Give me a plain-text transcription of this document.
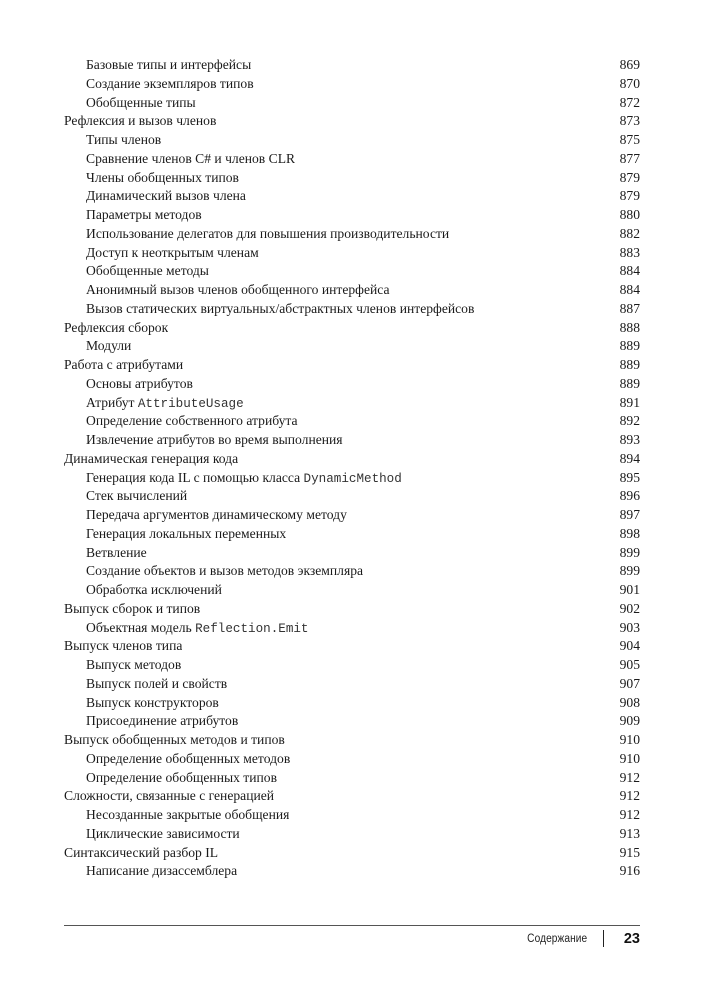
Базовые типы и интерфейсы	869
Создание экземпляров типов	870
Обобщенные типы	872
Рефлексия и вызов членов	873
Типы членов	875
Сравнение членов C# и членов CLR	877
Члены обобщенных типов	879
Динамический вызов члена	879
Параметры методов	880
Использование делегатов для повышения производительности	882
Доступ к неоткрытым членам	883
Обобщенные методы	884
Анонимный вызов членов обобщенного интерфейса	884
Вызов статических виртуальных/абстрактных членов интерфейсов	887
Рефлексия сборок	888
Модули	889
Работа с атрибутами	889
Основы атрибутов	889
Атрибут AttributeUsage	891
Определение собственного атрибута	892
Извлечение атрибутов во время выполнения	893
Динамическая генерация кода	894
Генерация кода IL с помощью класса DynamicMethod	895
Стек вычислений	896
Передача аргументов динамическому методу	897
Генерация локальных переменных	898
Ветвление	899
Создание объектов и вызов методов экземпляра	899
Обработка исключений	901
Выпуск сборок и типов	902
Объектная модель Reflection.Emit	903
Выпуск членов типа	904
Выпуск методов	905
Выпуск полей и свойств	907
Выпуск конструкторов	908
Присоединение атрибутов	909
Выпуск обобщенных методов и типов	910
Определение обобщенных методов	910
Определение обобщенных типов	912
Сложности, связанные с генерацией	912
Несозданные закрытые обобщения	912
Циклические зависимости	913
Синтаксический разбор IL	915
Написание дизассемблера	916
Содержание	23
